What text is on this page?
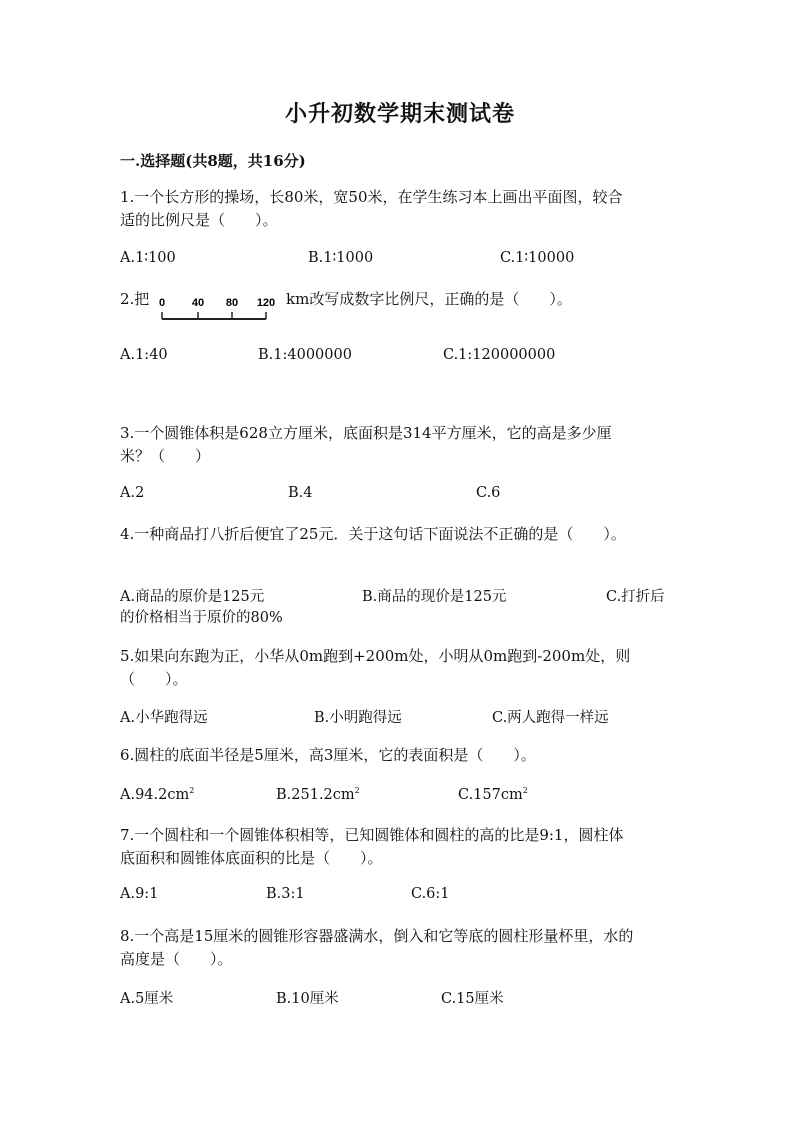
小升初数学期末测试卷
一.选择题(共8题，共16分)
1.一个长方形的操场，长80米，宽50米，在学生练习本上画出平面图，较合
适的比例尺是（　　）。
A.1∶100	B.1∶1000	C.1∶10000
2.把 0 40 80 120 km改写成数字比例尺，正确的是（　　）。
A.1:40	B.1:4000000	C.1:120000000
3.一个圆锥体积是628立方厘米，底面积是314平方厘米，它的高是多少厘
米？（　　）
A.2	B.4	C.6
4.一种商品打八折后便宜了25元．关于这句话下面说法不正确的是（　　）。
A.商品的原价是125元	B.商品的现价是125元	C.打折后
的价格相当于原价的80%
5.如果向东跑为正，小华从0m跑到+200m处，小明从0m跑到-200m处，则
（　　）。
A.小华跑得远	B.小明跑得远	C.两人跑得一样远
6.圆柱的底面半径是5厘米，高3厘米，它的表面积是（　　）。
$A.94.2cm^2$	$B.251.2cm^2$	$C.157cm^2$
7.一个圆柱和一个圆锥体积相等，已知圆锥体和圆柱的高的比是9:1，圆柱体
底面积和圆锥体底面积的比是（　　）。
A.9:1	B.3:1	C.6:1
8.一个高是15厘米的圆锥形容器盛满水，倒入和它等底的圆柱形量杯里，水的
高度是（　　）。
A.5厘米	B.10厘米	C.15厘米
